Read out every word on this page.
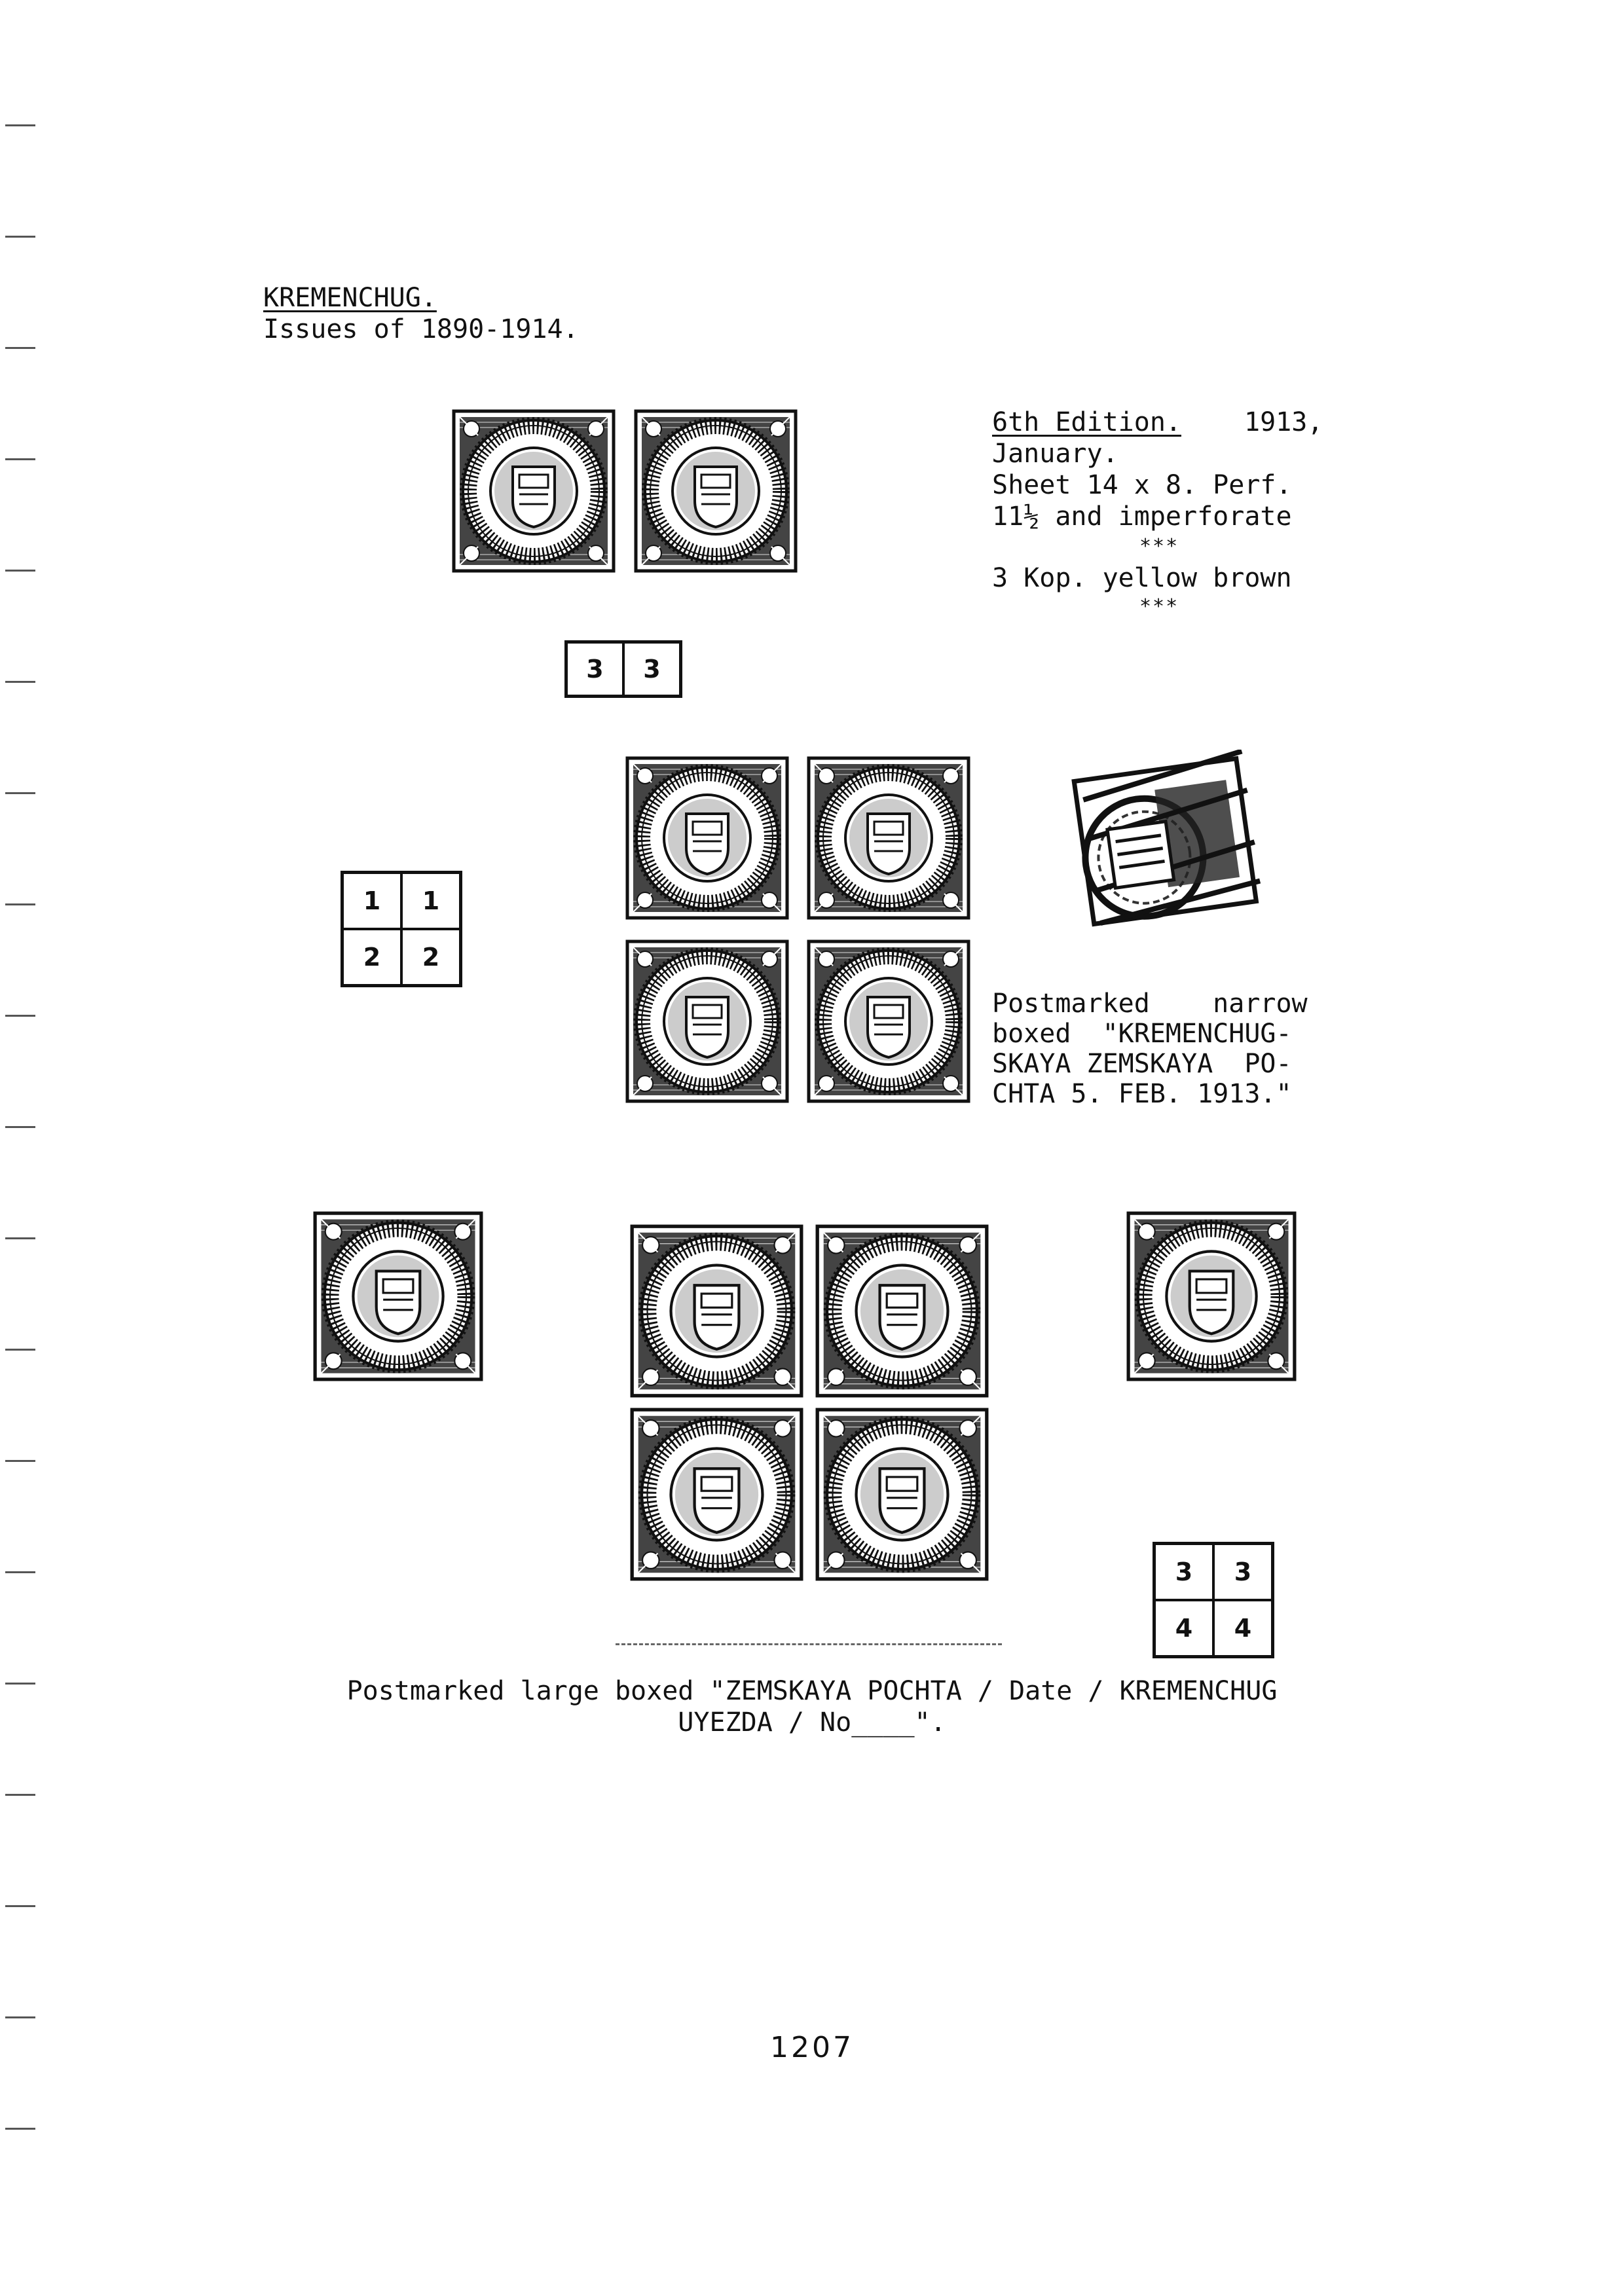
KREMENCHUG.
Issues of 1890-1914.
6th Edition. 1913,
January.
Sheet 14 x 8. Perf.
11½ and imperforate
***
3 Kop. yellow brown
***
3	3
1	1
2	2
Postmarked    narrow
boxed  "KREMENCHUG-
SKAYA ZEMSKAYA  PO-
CHTA 5. FEB. 1913."
3	3
4	4
Postmarked large boxed "ZEMSKAYA POCHTA / Date / KREMENCHUG
UYEZDA / No____".
1207
